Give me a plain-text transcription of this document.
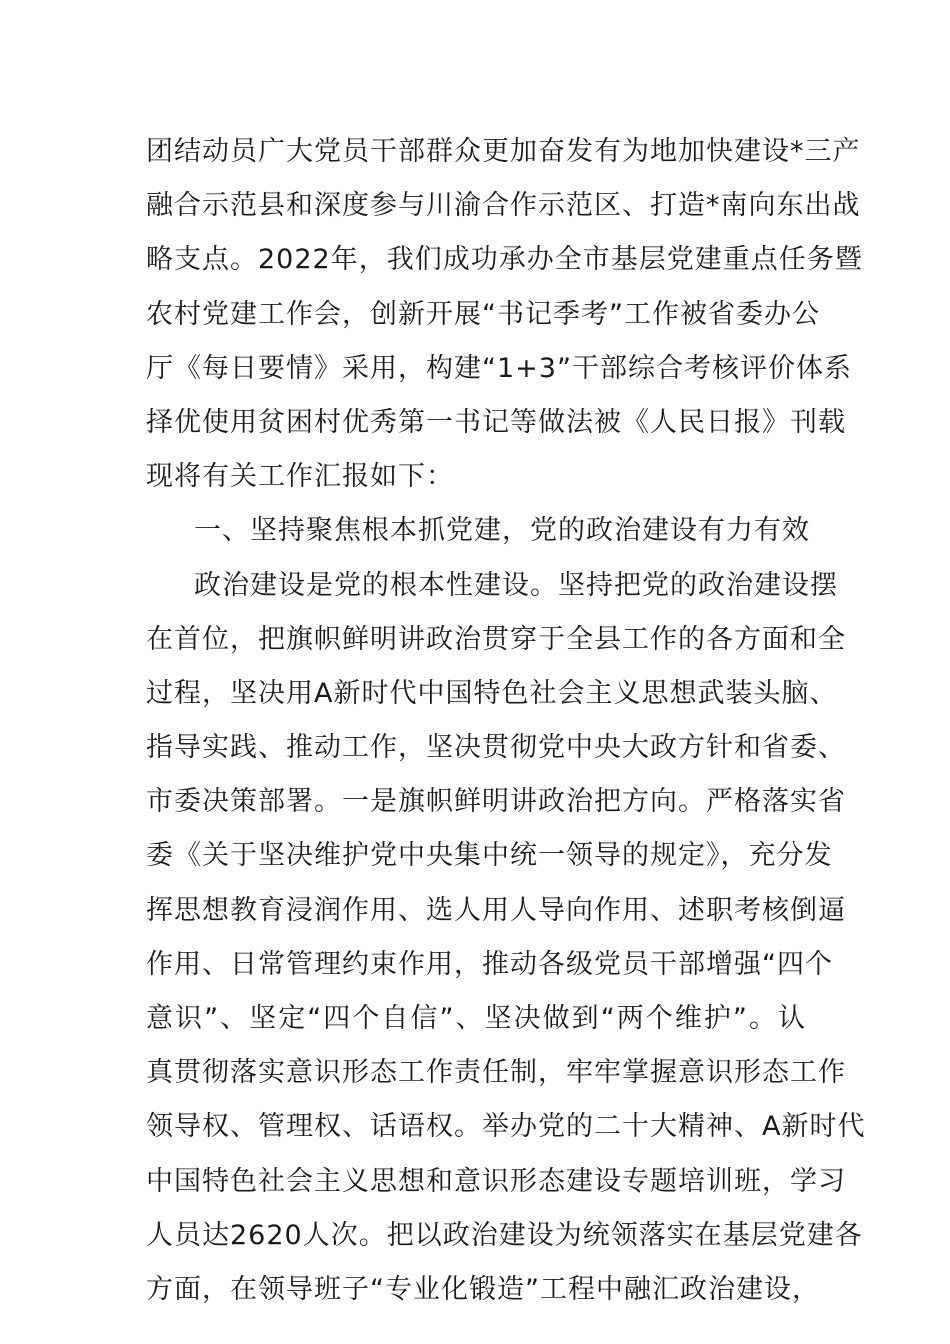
团结动员广大党员干部群众更加奋发有为地加快建设*三产
融合示范县和深度参与川渝合作示范区、打造*南向东出战
略支点。2022年，我们成功承办全市基层党建重点任务暨
农村党建工作会，创新开展“书记季考”工作被省委办公
厅《每日要情》采用，构建“1+3”干部综合考核评价体系
择优使用贫困村优秀第一书记等做法被《人民日报》刊载
现将有关工作汇报如下：
一、坚持聚焦根本抓党建，党的政治建设有力有效
政治建设是党的根本性建设。坚持把党的政治建设摆
在首位，把旗帜鲜明讲政治贯穿于全县工作的各方面和全
过程，坚决用A新时代中国特色社会主义思想武装头脑、
指导实践、推动工作，坚决贯彻党中央大政方针和省委、
市委决策部署。一是旗帜鲜明讲政治把方向。严格落实省
委《关于坚决维护党中央集中统一领导的规定》，充分发
挥思想教育浸润作用、选人用人导向作用、述职考核倒逼
作用、日常管理约束作用，推动各级党员干部增强“四个
意识”、坚定“四个自信”、坚决做到“两个维护”。认
真贯彻落实意识形态工作责任制，牢牢掌握意识形态工作
领导权、管理权、话语权。举办党的二十大精神、A新时代
中国特色社会主义思想和意识形态建设专题培训班，学习
人员达2620人次。把以政治建设为统领落实在基层党建各
方面，在领导班子“专业化锻造”工程中融汇政治建设，
